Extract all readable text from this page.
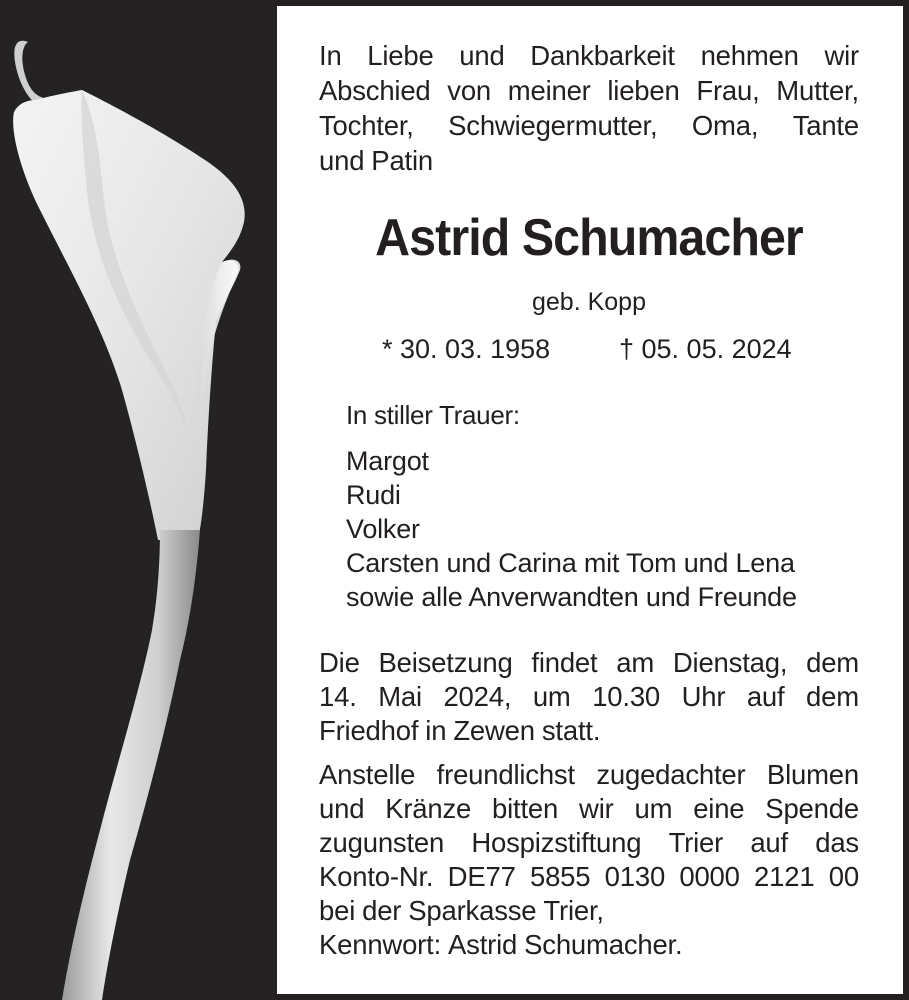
In Liebe und Dankbarkeit nehmen wir
Abschied von meiner lieben Frau, Mutter,
Tochter, Schwiegermutter, Oma, Tante
und Patin
Astrid Schumacher
geb. Kopp
* 30. 03. 1958	† 05. 05. 2024
In stiller Trauer:
Margot
Rudi
Volker
Carsten und Carina mit Tom und Lena
sowie alle Anverwandten und Freunde
Die Beisetzung findet am Dienstag, dem
14. Mai 2024, um 10.30 Uhr auf dem
Friedhof in Zewen statt.
Anstelle freundlichst zugedachter Blumen
und Kränze bitten wir um eine Spende
zugunsten Hospizstiftung Trier auf das
Konto-Nr. DE77 5855 0130 0000 2121 00
bei der Sparkasse Trier,
Kennwort: Astrid Schumacher.
